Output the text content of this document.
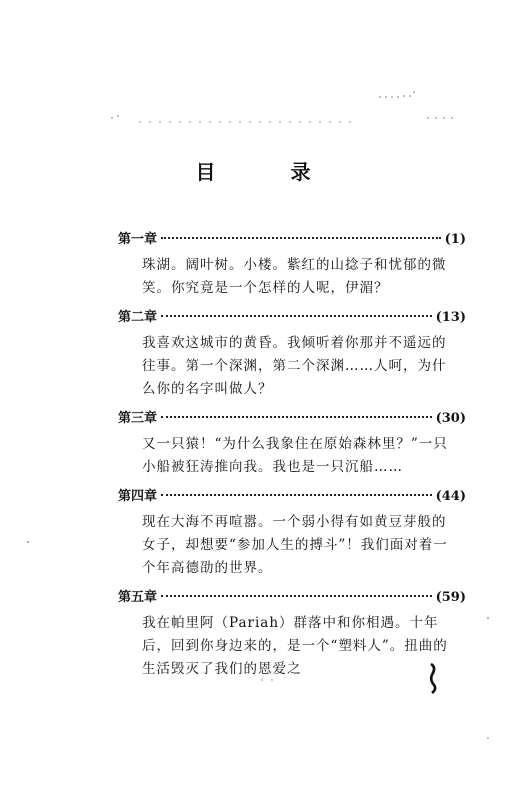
目 录
第一章	(1)

珠湖。阔叶树。小楼。紫红的山捻子和忧郁的微笑。你究竟是一个怎样的人呢，伊湄？

第二章	(13)

我喜欢这城市的黄昏。我倾听着你那并不遥远的往事。第一个深渊，第二个深渊……人呵，为什么你的名字叫做人？

第三章	(30)

又一只猿！“为什么我象住在原始森林里？”一只小船被狂涛推向我。我也是一只沉船……

第四章	(44)

现在大海不再喧嚣。一个弱小得有如黄豆芽般的女子，却想要“参加人生的搏斗”！我们面对着一个年高德劭的世界。

第五章	(59)

我在帕里阿（Pariah）群落中和你相遇。十年后，回到你身边来的，是一个“塑料人”。扭曲的生活毁灭了我们的恩爱之
